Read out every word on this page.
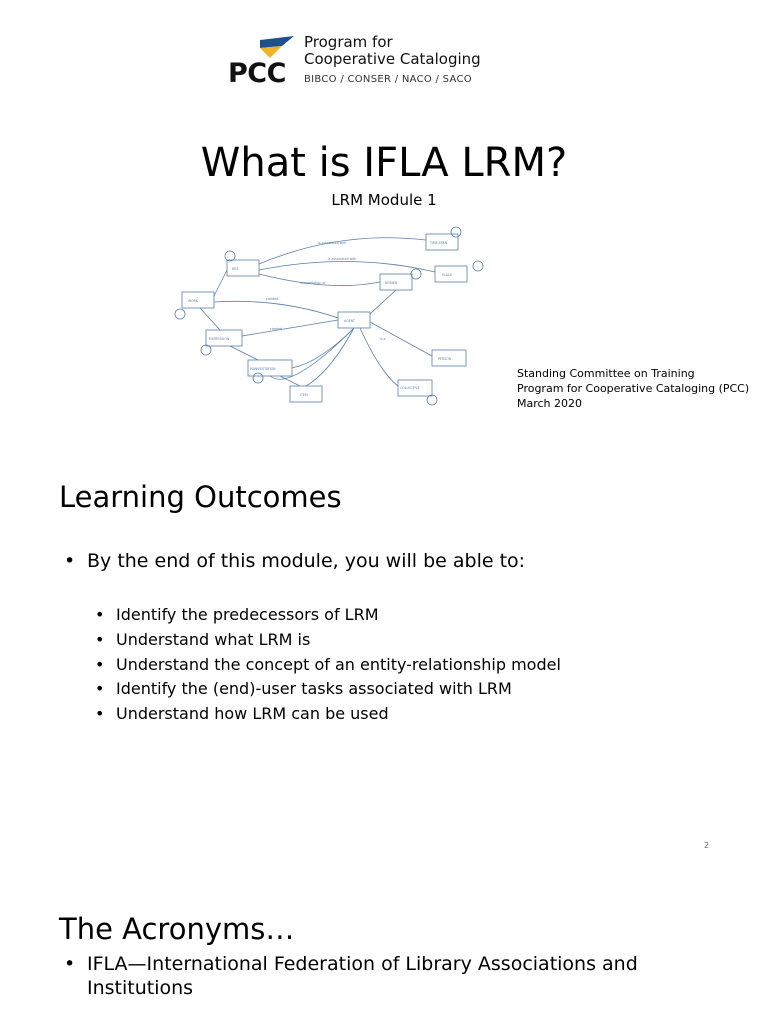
PCC
Program for
Cooperative Cataloging
BIBCO / CONSER / NACO / SACO
What is IFLA LRM?
LRM Module 1
RES
WORK
EXPRESSION
MANIFESTATION
ITEM
AGENT
NOMEN
TIME-SPAN
PLACE
PERSON
COLLECTIVE
is associated with
is associated with
is appellation of
created
created
is a
Standing Committee on Training
Program for Cooperative Cataloging (PCC)
March 2020
Learning Outcomes
• By the end of this module, you will be able to:
• Identify the predecessors of LRM
• Understand what LRM is
• Understand the concept of an entity-relationship model
• Identify the (end)-user tasks associated with LRM
• Understand how LRM can be used
2
The Acronyms…
• IFLA—International Federation of Library Associations and Institutions
